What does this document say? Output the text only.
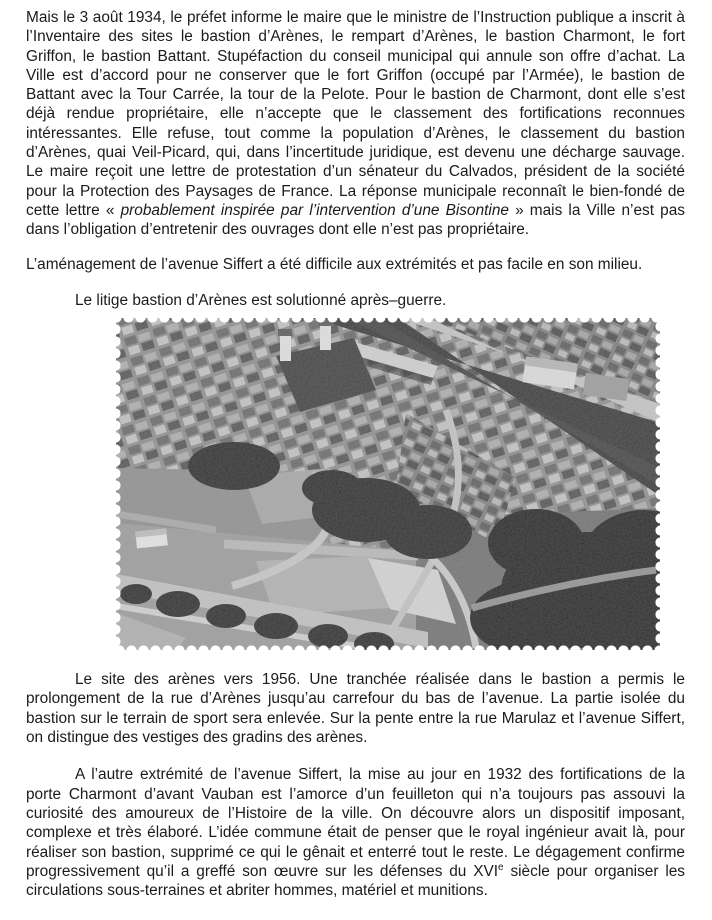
Mais le 3 août 1934, le préfet informe le maire que le ministre de l’Instruction publique a inscrit à l’Inventaire des sites le bastion d’Arènes, le rempart d’Arènes, le bastion Charmont, le fort Griffon, le bastion Battant. Stupéfaction du conseil municipal qui annule son offre d’achat. La Ville est d’accord pour ne conserver que le fort Griffon (occupé par l’Armée), le bastion de Battant avec la Tour Carrée, la tour de la Pelote. Pour le bastion de Charmont, dont elle s’est déjà rendue propriétaire, elle n’accepte que le classement des fortifications reconnues intéressantes. Elle refuse, tout comme la population d’Arènes, le classement du bastion d’Arènes, quai Veil-Picard, qui, dans l’incertitude juridique, est devenu une décharge sauvage. Le maire reçoit une lettre de protestation d’un sénateur du Calvados, président de la société pour la Protection des Paysages de France. La réponse municipale reconnaît le bien-fondé de cette lettre « probablement inspirée par l’intervention d’une Bisontine » mais la Ville n’est pas dans l’obligation d’entretenir des ouvrages dont elle n’est pas propriétaire.

L’aménagement de l’avenue Siffert a été difficile aux extrémités et pas facile en son milieu.

Le litige bastion d’Arènes est solutionné après–guerre.

Le site des arènes vers 1956. Une tranchée réalisée dans le bastion a permis le prolongement de la rue d’Arènes jusqu’au carrefour du bas de l’avenue. La partie isolée du bastion sur le terrain de sport sera enlevée. Sur la pente entre la rue Marulaz et l’avenue Siffert, on distingue des vestiges des gradins des arènes.

A l’autre extrémité de l’avenue Siffert, la mise au jour en 1932 des fortifications de la porte Charmont d’avant Vauban est l’amorce d’un feuilleton qui n’a toujours pas assouvi la curiosité des amoureux de l’Histoire de la ville. On découvre alors un dispositif imposant, complexe et très élaboré. L’idée commune était de penser que le royal ingénieur avait là, pour réaliser son bastion, supprimé ce qui le gênait et enterré tout le reste. Le dégagement confirme progressivement qu’il a greffé son œuvre sur les défenses du XVIe siècle pour organiser les circulations sous-terraines et abriter hommes, matériel et munitions.
